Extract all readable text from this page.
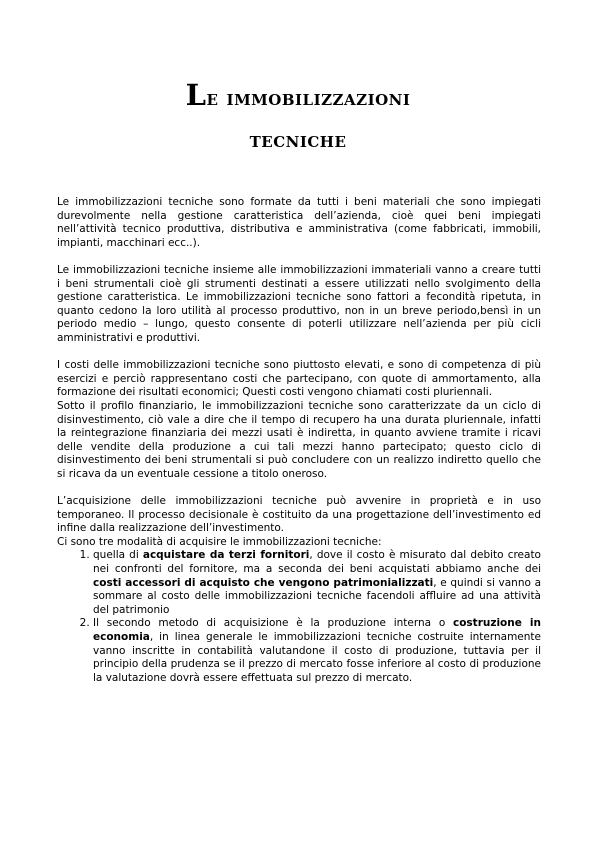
Le immobilizzazioni
tecniche

Le immobilizzazioni tecniche sono formate da tutti i beni materiali che sono impiegati durevolmente nella gestione caratteristica dell’azienda, cioè quei beni impiegati nell’attività tecnico produttiva, distributiva e amministrativa (come fabbricati, immobili, impianti, macchinari ecc..).

Le immobilizzazioni tecniche insieme alle immobilizzazioni immateriali vanno a creare tutti i beni strumentali cioè gli strumenti destinati a essere utilizzati nello svolgimento della gestione caratteristica. Le immobilizzazioni tecniche sono fattori a fecondità ripetuta, in quanto cedono la loro utilità al processo produttivo, non in un breve periodo,bensì in un periodo medio – lungo, questo consente di poterli utilizzare nell’azienda per più cicli amministrativi e produttivi.

I costi delle immobilizzazioni tecniche sono piuttosto elevati, e sono di competenza di più esercizi e perciò rappresentano costi che partecipano, con quote di ammortamento, alla formazione dei risultati economici; Questi costi vengono chiamati costi pluriennali.

Sotto il profilo finanziario, le immobilizzazioni tecniche sono caratterizzate da un ciclo di disinvestimento, ciò vale a dire che il tempo di recupero ha una durata pluriennale, infatti la reintegrazione finanziaria dei mezzi usati è indiretta, in quanto avviene tramite i ricavi delle vendite della produzione a cui tali mezzi hanno partecipato; questo ciclo di disinvestimento dei beni strumentali si può concludere con un realizzo indiretto quello che si ricava da un eventuale cessione a titolo oneroso.

L’acquisizione delle immobilizzazioni tecniche può avvenire in proprietà e in uso temporaneo. Il processo decisionale è costituito da una progettazione dell’investimento ed infine dalla realizzazione dell’investimento.

Ci sono tre modalità di acquisire le immobilizzazioni tecniche:

1. quella di acquistare da terzi fornitori, dove il costo è misurato dal debito creato nei confronti del fornitore, ma a seconda dei beni acquistati abbiamo anche dei costi accessori di acquisto che vengono patrimonializzati, e quindi si vanno a sommare al costo delle immobilizzazioni tecniche facendoli affluire ad una attività del patrimonio
2. Il secondo metodo di acquisizione è la produzione interna o costruzione in economia, in linea generale le immobilizzazioni tecniche costruite internamente vanno inscritte in contabilità valutandone il costo di produzione, tuttavia per il principio della prudenza se il prezzo di mercato fosse inferiore al costo di produzione la valutazione dovrà essere effettuata sul prezzo di mercato.
